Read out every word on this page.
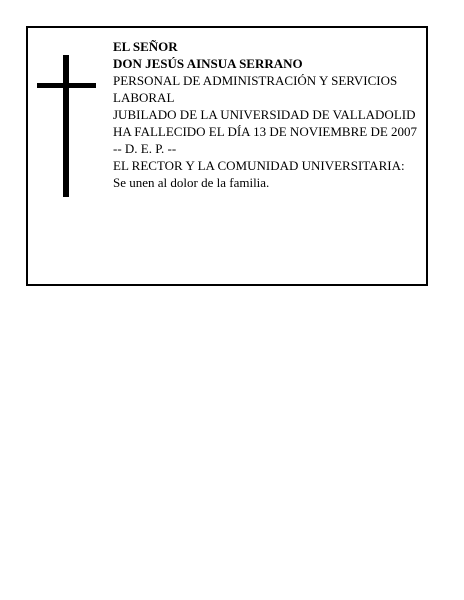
EL SEÑOR
DON JESÚS AINSUA SERRANO
PERSONAL DE ADMINISTRACIÓN Y SERVICIOS LABORAL
JUBILADO DE LA UNIVERSIDAD DE VALLADOLID
HA FALLECIDO EL DÍA 13 DE NOVIEMBRE DE 2007
-- D. E. P. --
EL RECTOR Y LA COMUNIDAD UNIVERSITARIA:
Se unen al dolor de la familia.
